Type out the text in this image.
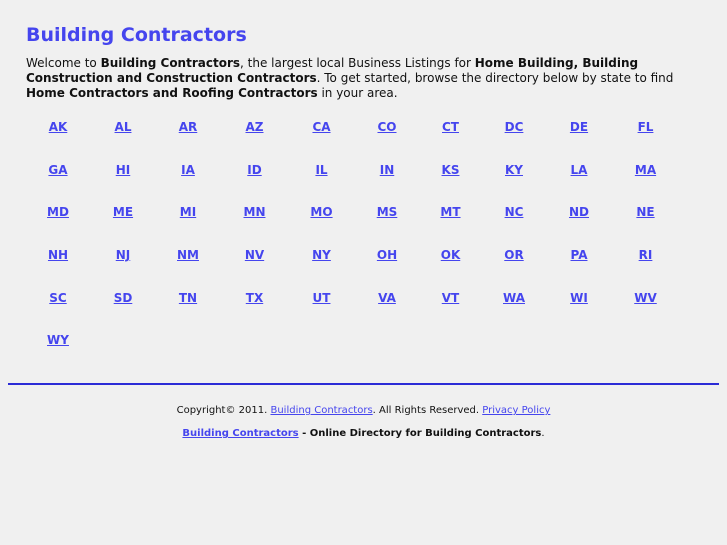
Building Contractors

Welcome to Building Contractors, the largest local Business Listings for Home Building, Building Construction and Construction Contractors. To get started, browse the directory below by state to find Home Contractors and Roofing Contractors in your area.

AK	AL	AR	AZ	CA	CO	CT	DC	DE	FL
GA	HI	IA	ID	IL	IN	KS	KY	LA	MA
MD	ME	MI	MN	MO	MS	MT	NC	ND	NE
NH	NJ	NM	NV	NY	OH	OK	OR	PA	RI
SC	SD	TN	TX	UT	VA	VT	WA	WI	WV
WY
Copyright© 2011. Building Contractors. All Rights Reserved. Privacy Policy
Building Contractors - Online Directory for Building Contractors.
